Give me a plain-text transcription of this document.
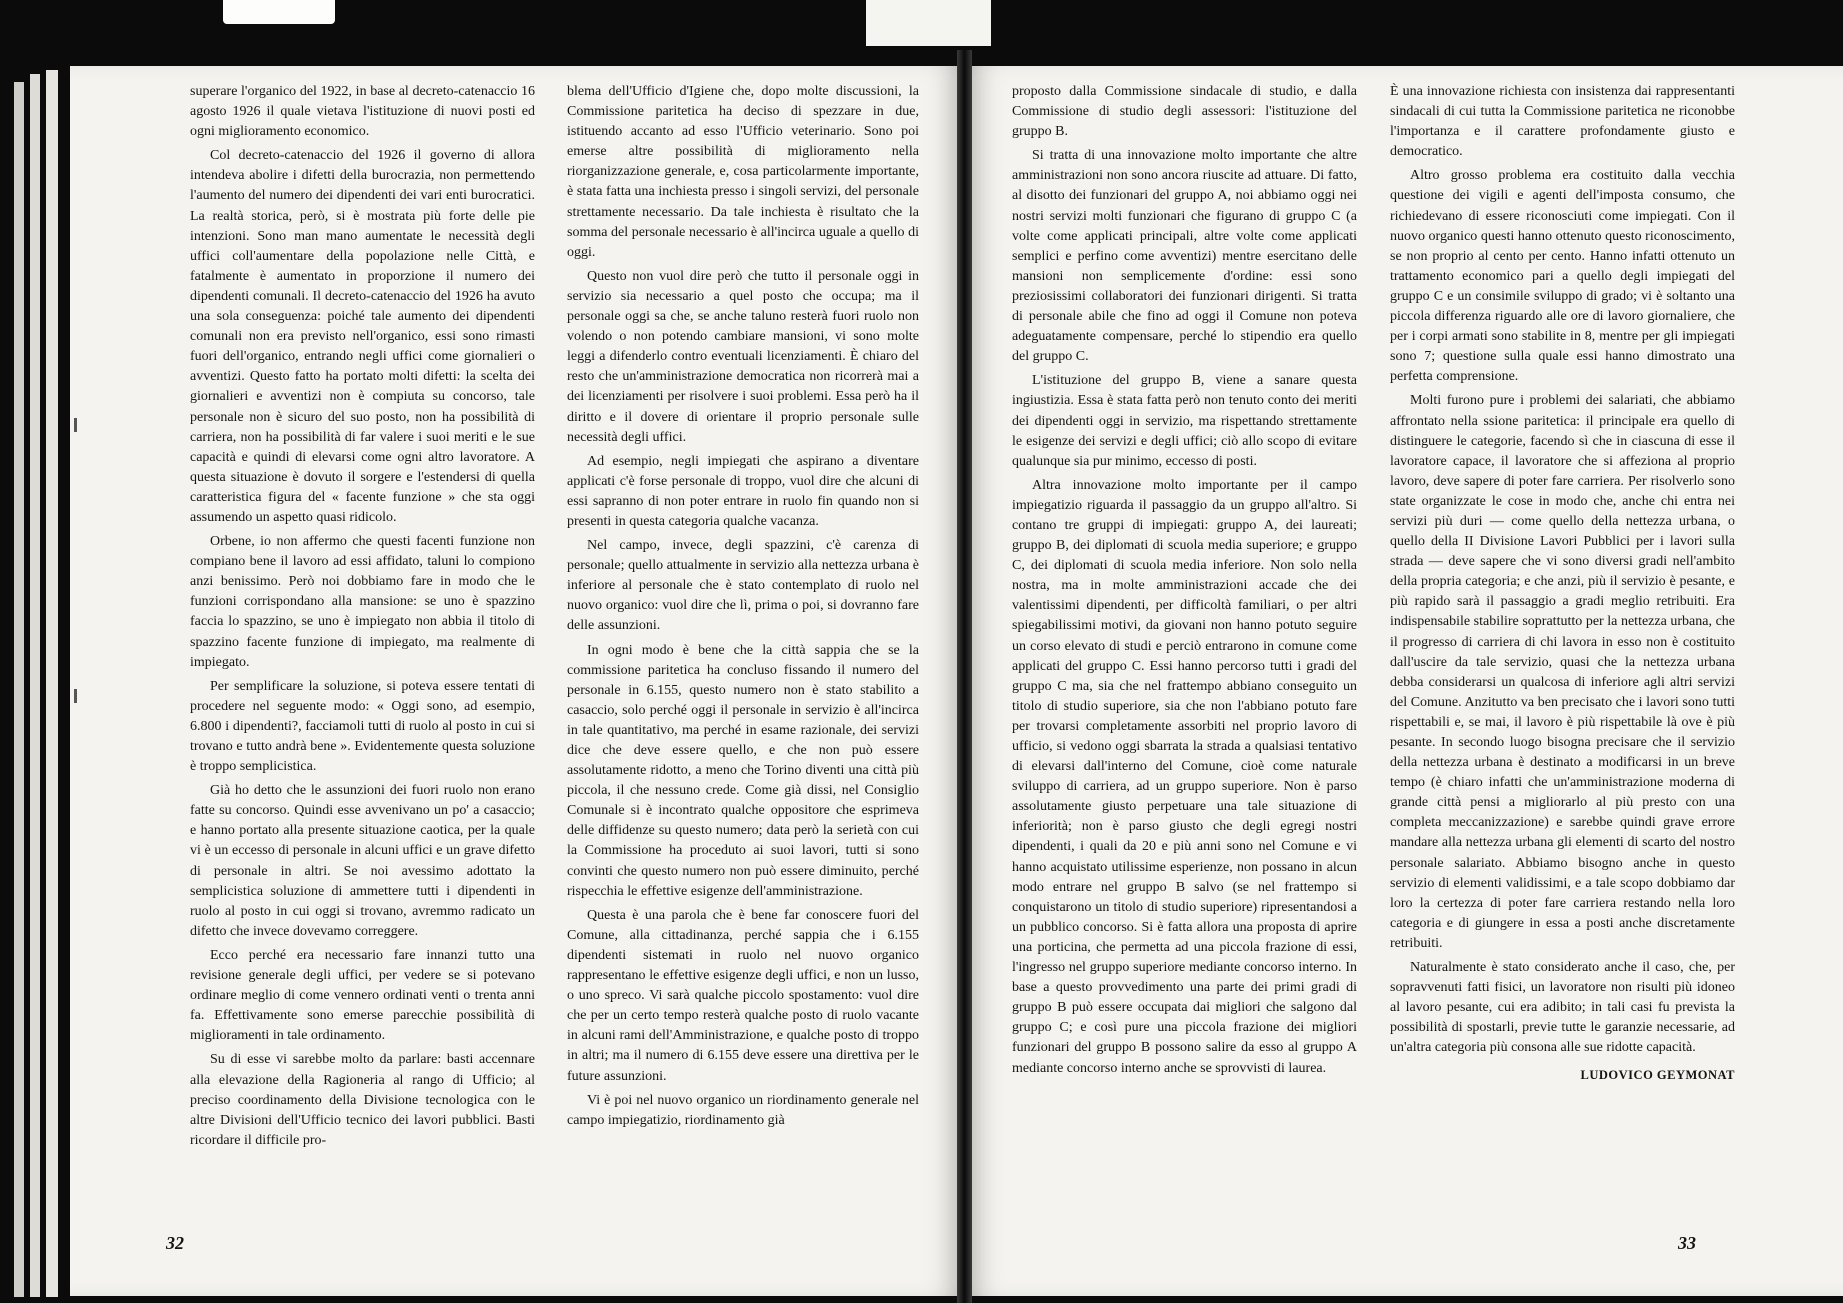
superare l'organico del 1922, in base al decreto-catenaccio 16 agosto 1926 il quale vietava l'istituzione di nuovi posti ed ogni miglioramento economico.

Col decreto-catenaccio del 1926 il governo di allora intendeva abolire i difetti della burocrazia, non permettendo l'aumento del numero dei dipendenti dei vari enti burocratici. La realtà storica, però, si è mostrata più forte delle pie intenzioni. Sono man mano aumentate le necessità degli uffici coll'aumentare della popolazione nelle Città, e fatalmente è aumentato in proporzione il numero dei dipendenti comunali. Il decreto-catenaccio del 1926 ha avuto una sola conseguenza: poiché tale aumento dei dipendenti comunali non era previsto nell'organico, essi sono rimasti fuori dell'organico, entrando negli uffici come giornalieri o avventizi. Questo fatto ha portato molti difetti: la scelta dei giornalieri e avventizi non è compiuta su concorso, tale personale non è sicuro del suo posto, non ha possibilità di carriera, non ha possibilità di far valere i suoi meriti e le sue capacità e quindi di elevarsi come ogni altro lavoratore. A questa situazione è dovuto il sorgere e l'estendersi di quella caratteristica figura del « facente funzione » che sta oggi assumendo un aspetto quasi ridicolo.

Orbene, io non affermo che questi facenti funzione non compiano bene il lavoro ad essi affidato, taluni lo compiono anzi benissimo. Però noi dobbiamo fare in modo che le funzioni corrispondano alla mansione: se uno è spazzino faccia lo spazzino, se uno è impiegato non abbia il titolo di spazzino facente funzione di impiegato, ma realmente di impiegato.

Per semplificare la soluzione, si poteva essere tentati di procedere nel seguente modo: « Oggi sono, ad esempio, 6.800 i dipendenti?, facciamoli tutti di ruolo al posto in cui si trovano e tutto andrà bene ». Evidentemente questa soluzione è troppo semplicistica.

Già ho detto che le assunzioni dei fuori ruolo non erano fatte su concorso. Quindi esse avvenivano un po' a casaccio; e hanno portato alla presente situazione caotica, per la quale vi è un eccesso di personale in alcuni uffici e un grave difetto di personale in altri. Se noi avessimo adottato la semplicistica soluzione di ammettere tutti i dipendenti in ruolo al posto in cui oggi si trovano, avremmo radicato un difetto che invece dovevamo correggere.

Ecco perché era necessario fare innanzi tutto una revisione generale degli uffici, per vedere se si potevano ordinare meglio di come vennero ordinati venti o trenta anni fa. Effettivamente sono emerse parecchie possibilità di miglioramenti in tale ordinamento.

Su di esse vi sarebbe molto da parlare: basti accennare alla elevazione della Ragioneria al rango di Ufficio; al preciso coordinamento della Divisione tecnologica con le altre Divisioni dell'Ufficio tecnico dei lavori pubblici. Basti ricordare il difficile pro-

blema dell'Ufficio d'Igiene che, dopo molte discussioni, la Commissione paritetica ha deciso di spezzare in due, istituendo accanto ad esso l'Ufficio veterinario. Sono poi emerse altre possibilità di miglioramento nella riorganizzazione generale, e, cosa particolarmente importante, è stata fatta una inchiesta presso i singoli servizi, del personale strettamente necessario. Da tale inchiesta è risultato che la somma del personale necessario è all'incirca uguale a quello di oggi.

Questo non vuol dire però che tutto il personale oggi in servizio sia necessario a quel posto che occupa; ma il personale oggi sa che, se anche taluno resterà fuori ruolo non volendo o non potendo cambiare mansioni, vi sono molte leggi a difenderlo contro eventuali licenziamenti. È chiaro del resto che un'amministrazione democratica non ricorrerà mai a dei licenziamenti per risolvere i suoi problemi. Essa però ha il diritto e il dovere di orientare il proprio personale sulle necessità degli uffici.

Ad esempio, negli impiegati che aspirano a diventare applicati c'è forse personale di troppo, vuol dire che alcuni di essi sapranno di non poter entrare in ruolo fin quando non si presenti in questa categoria qualche vacanza.

Nel campo, invece, degli spazzini, c'è carenza di personale; quello attualmente in servizio alla nettezza urbana è inferiore al personale che è stato contemplato di ruolo nel nuovo organico: vuol dire che lì, prima o poi, si dovranno fare delle assunzioni.

In ogni modo è bene che la città sappia che se la commissione paritetica ha concluso fissando il numero del personale in 6.155, questo numero non è stato stabilito a casaccio, solo perché oggi il personale in servizio è all'incirca in tale quantitativo, ma perché in esame razionale, dei servizi dice che deve essere quello, e che non può essere assolutamente ridotto, a meno che Torino diventi una città più piccola, il che nessuno crede. Come già dissi, nel Consiglio Comunale si è incontrato qualche oppositore che esprimeva delle diffidenze su questo numero; data però la serietà con cui la Commissione ha proceduto ai suoi lavori, tutti si sono convinti che questo numero non può essere diminuito, perché rispecchia le effettive esigenze dell'amministrazione.

Questa è una parola che è bene far conoscere fuori del Comune, alla cittadinanza, perché sappia che i 6.155 dipendenti sistemati in ruolo nel nuovo organico rappresentano le effettive esigenze degli uffici, e non un lusso, o uno spreco. Vi sarà qualche piccolo spostamento: vuol dire che per un certo tempo resterà qualche posto di ruolo vacante in alcuni rami dell'Amministrazione, e qualche posto di troppo in altri; ma il numero di 6.155 deve essere una direttiva per le future assunzioni.

Vi è poi nel nuovo organico un riordinamento generale nel campo impiegatizio, riordinamento già

32

proposto dalla Commissione sindacale di studio, e dalla Commissione di studio degli assessori: l'istituzione del gruppo B.

Si tratta di una innovazione molto importante che altre amministrazioni non sono ancora riuscite ad attuare. Di fatto, al disotto dei funzionari del gruppo A, noi abbiamo oggi nei nostri servizi molti funzionari che figurano di gruppo C (a volte come applicati principali, altre volte come applicati semplici e perfino come avventizi) mentre esercitano delle mansioni non semplicemente d'ordine: essi sono preziosissimi collaboratori dei funzionari dirigenti. Si tratta di personale abile che fino ad oggi il Comune non poteva adeguatamente compensare, perché lo stipendio era quello del gruppo C.

L'istituzione del gruppo B, viene a sanare questa ingiustizia. Essa è stata fatta però non tenuto conto dei meriti dei dipendenti oggi in servizio, ma rispettando strettamente le esigenze dei servizi e degli uffici; ciò allo scopo di evitare qualunque sia pur minimo, eccesso di posti.

Altra innovazione molto importante per il campo impiegatizio riguarda il passaggio da un gruppo all'altro. Si contano tre gruppi di impiegati: gruppo A, dei laureati; gruppo B, dei diplomati di scuola media superiore; e gruppo C, dei diplomati di scuola media inferiore. Non solo nella nostra, ma in molte amministrazioni accade che dei valentissimi dipendenti, per difficoltà familiari, o per altri spiegabilissimi motivi, da giovani non hanno potuto seguire un corso elevato di studi e perciò entrarono in comune come applicati del gruppo C. Essi hanno percorso tutti i gradi del gruppo C ma, sia che nel frattempo abbiano conseguito un titolo di studio superiore, sia che non l'abbiano potuto fare per trovarsi completamente assorbiti nel proprio lavoro di ufficio, si vedono oggi sbarrata la strada a qualsiasi tentativo di elevarsi dall'interno del Comune, cioè come naturale sviluppo di carriera, ad un gruppo superiore. Non è parso assolutamente giusto perpetuare una tale situazione di inferiorità; non è parso giusto che degli egregi nostri dipendenti, i quali da 20 e più anni sono nel Comune e vi hanno acquistato utilissime esperienze, non possano in alcun modo entrare nel gruppo B salvo (se nel frattempo si conquistarono un titolo di studio superiore) ripresentandosi a un pubblico concorso. Si è fatta allora una proposta di aprire una porticina, che permetta ad una piccola frazione di essi, l'ingresso nel gruppo superiore mediante concorso interno. In base a questo provvedimento una parte dei primi gradi di gruppo B può essere occupata dai migliori che salgono dal gruppo C; e così pure una piccola frazione dei migliori funzionari del gruppo B possono salire da esso al gruppo A mediante concorso interno anche se sprovvisti di laurea.

È una innovazione richiesta con insistenza dai rappresentanti sindacali di cui tutta la Commissione paritetica ne riconobbe l'importanza e il carattere profondamente giusto e democratico.

Altro grosso problema era costituito dalla vecchia questione dei vigili e agenti dell'imposta consumo, che richiedevano di essere riconosciuti come impiegati. Con il nuovo organico questi hanno ottenuto questo riconoscimento, se non proprio al cento per cento. Hanno infatti ottenuto un trattamento economico pari a quello degli impiegati del gruppo C e un consimile sviluppo di grado; vi è soltanto una piccola differenza riguardo alle ore di lavoro giornaliere, che per i corpi armati sono stabilite in 8, mentre per gli impiegati sono 7; questione sulla quale essi hanno dimostrato una perfetta comprensione.

Molti furono pure i problemi dei salariati, che abbiamo affrontato nella ssione paritetica: il principale era quello di distinguere le categorie, facendo sì che in ciascuna di esse il lavoratore capace, il lavoratore che si affeziona al proprio lavoro, deve sapere di poter fare carriera. Per risolverlo sono state organizzate le cose in modo che, anche chi entra nei servizi più duri — come quello della nettezza urbana, o quello della II Divisione Lavori Pubblici per i lavori sulla strada — deve sapere che vi sono diversi gradi nell'ambito della propria categoria; e che anzi, più il servizio è pesante, e più rapido sarà il passaggio a gradi meglio retribuiti. Era indispensabile stabilire soprattutto per la nettezza urbana, che il progresso di carriera di chi lavora in esso non è costituito dall'uscire da tale servizio, quasi che la nettezza urbana debba considerarsi un qualcosa di inferiore agli altri servizi del Comune. Anzitutto va ben precisato che i lavori sono tutti rispettabili e, se mai, il lavoro è più rispettabile là ove è più pesante. In secondo luogo bisogna precisare che il servizio della nettezza urbana è destinato a modificarsi in un breve tempo (è chiaro infatti che un'amministrazione moderna di grande città pensi a migliorarlo al più presto con una completa meccanizzazione) e sarebbe quindi grave errore mandare alla nettezza urbana gli elementi di scarto del nostro personale salariato. Abbiamo bisogno anche in questo servizio di elementi validissimi, e a tale scopo dobbiamo dar loro la certezza di poter fare carriera restando nella loro categoria e di giungere in essa a posti anche discretamente retribuiti.

Naturalmente è stato considerato anche il caso, che, per sopravvenuti fatti fisici, un lavoratore non risulti più idoneo al lavoro pesante, cui era adibito; in tali casi fu prevista la possibilità di spostarli, previe tutte le garanzie necessarie, ad un'altra categoria più consona alle sue ridotte capacità.

LUDOVICO GEYMONAT
33
